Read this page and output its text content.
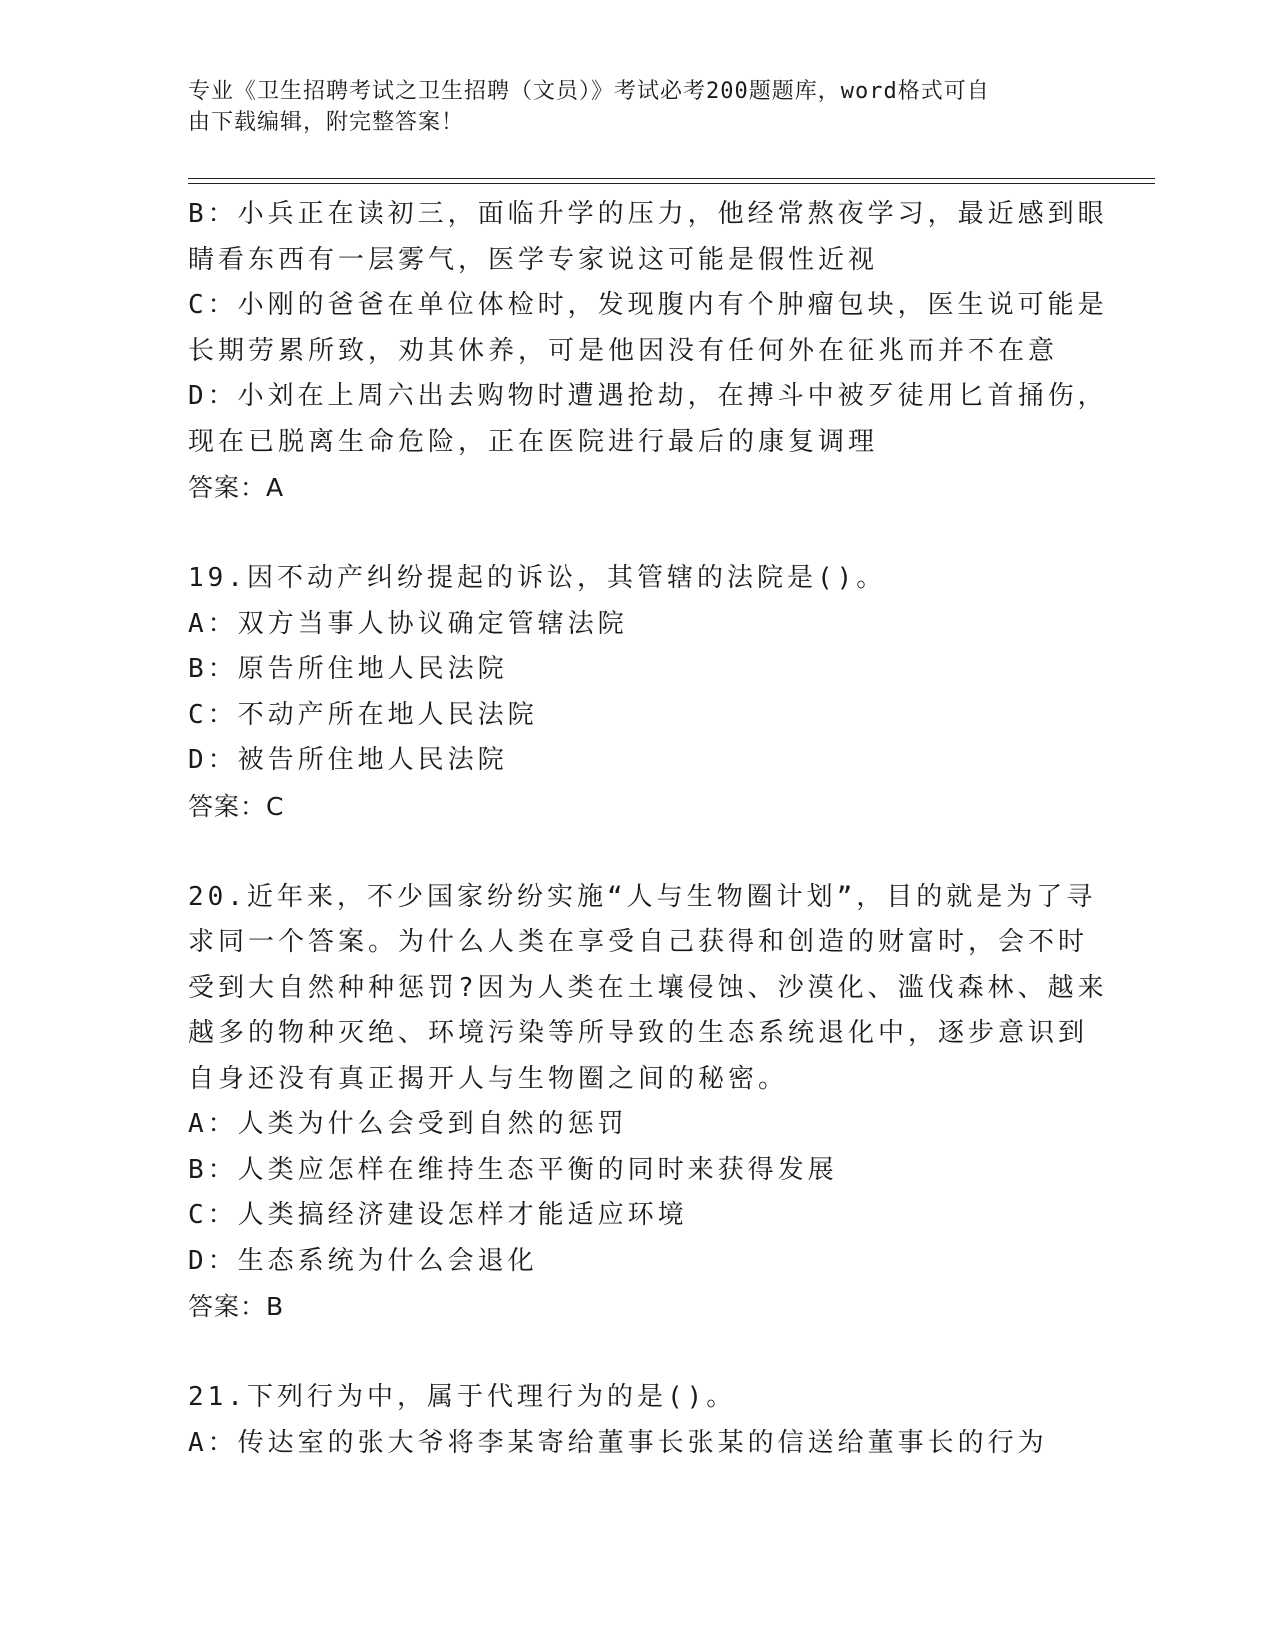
专业《卫生招聘考试之卫生招聘（文员）》考试必考200题题库，word格式可自
由下载编辑，附完整答案！
B：小兵正在读初三，面临升学的压力，他经常熬夜学习，最近感到眼
睛看东西有一层雾气，医学专家说这可能是假性近视
C：小刚的爸爸在单位体检时，发现腹内有个肿瘤包块，医生说可能是
长期劳累所致，劝其休养，可是他因没有任何外在征兆而并不在意
D：小刘在上周六出去购物时遭遇抢劫，在搏斗中被歹徒用匕首捅伤，
现在已脱离生命危险，正在医院进行最后的康复调理
答案：A
19.因不动产纠纷提起的诉讼，其管辖的法院是()。
A：双方当事人协议确定管辖法院
B：原告所住地人民法院
C：不动产所在地人民法院
D：被告所住地人民法院
答案：C
20.近年来，不少国家纷纷实施“人与生物圈计划”，目的就是为了寻
求同一个答案。为什么人类在享受自己获得和创造的财富时，会不时
受到大自然种种惩罚?因为人类在土壤侵蚀、沙漠化、滥伐森林、越来
越多的物种灭绝、环境污染等所导致的生态系统退化中，逐步意识到
自身还没有真正揭开人与生物圈之间的秘密。
A：人类为什么会受到自然的惩罚
B：人类应怎样在维持生态平衡的同时来获得发展
C：人类搞经济建设怎样才能适应环境
D：生态系统为什么会退化
答案：B
21.下列行为中，属于代理行为的是()。
A：传达室的张大爷将李某寄给董事长张某的信送给董事长的行为
